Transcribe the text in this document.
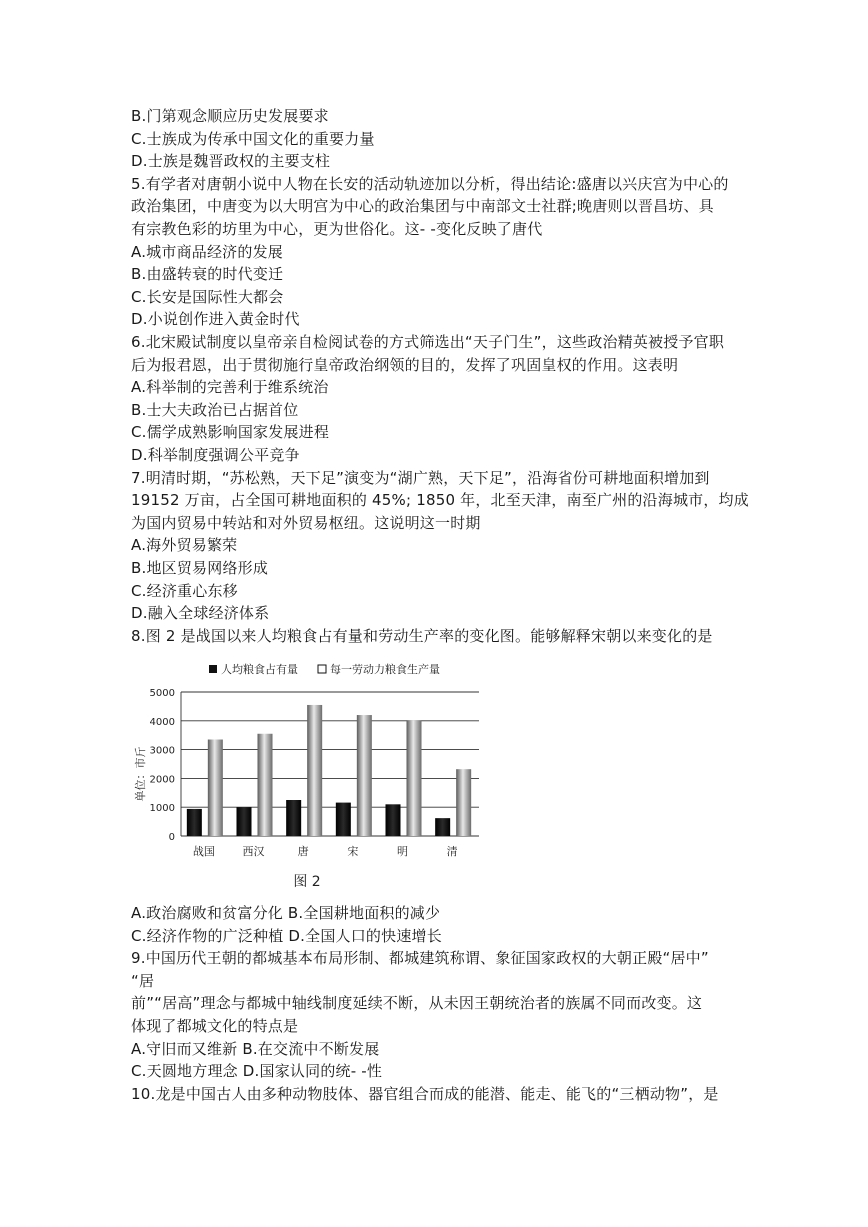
B.门第观念顺应历史发展要求
C.士族成为传承中国文化的重要力量
D.士族是魏晋政权的主要支柱
5.有学者对唐朝小说中人物在长安的活动轨迹加以分析，得出结论:盛唐以兴庆宫为中心的
政治集团，中唐变为以大明宫为中心的政治集团与中南部文士社群;晚唐则以晋昌坊、具
有宗教色彩的坊里为中心，更为世俗化。这- -变化反映了唐代
A.城市商品经济的发展
B.由盛转衰的时代变迁
C.长安是国际性大都会
D.小说创作进入黄金时代
6.北宋殿试制度以皇帝亲自检阅试卷的方式筛选出“天子门生”，这些政治精英被授予官职
后为报君恩，出于贯彻施行皇帝政治纲领的目的，发挥了巩固皇权的作用。这表明
A.科举制的完善利于维系统治
B.士大夫政治已占据首位
C.儒学成熟影响国家发展进程
D.科举制度强调公平竞争
7.明清时期，“苏松熟，天下足”演变为“湖广熟，天下足”，沿海省份可耕地面积增加到
19152 万亩，占全国可耕地面积的 45%; 1850 年，北至天津，南至广州的沿海城市，均成
为国内贸易中转站和对外贸易枢纽。这说明这一时期
A.海外贸易繁荣
B.地区贸易网络形成
C.经济重心东移
D.融入全球经济体系
8.图 2 是战国以来人均粮食占有量和劳动生产率的变化图。能够解释宋朝以来变化的是
人均粮食占有量	每一劳动力粮食生产量
0
1000
2000
3000
4000
5000
单位：市斤
战国	西汉	唐	宋	明	清
图 2
A.政治腐败和贫富分化 B.全国耕地面积的减少
C.经济作物的广泛种植 D.全国人口的快速增长
9.中国历代王朝的都城基本布局形制、都城建筑称谓、象征国家政权的大朝正殿“居中”
“居
前”“居高”理念与都城中轴线制度延续不断，从未因王朝统治者的族属不同而改变。这
体现了都城文化的特点是
A.守旧而又维新 B.在交流中不断发展
C.天圆地方理念 D.国家认同的统- -性
10.龙是中国古人由多种动物肢体、器官组合而成的能潜、能走、能飞的“三栖动物”，是
